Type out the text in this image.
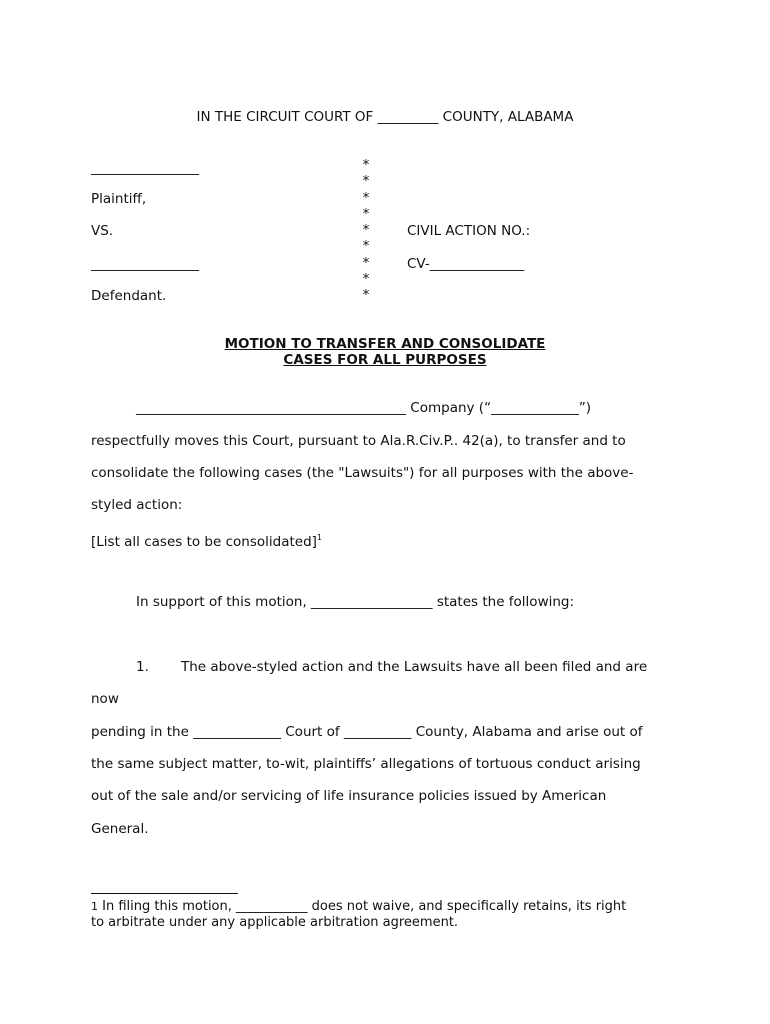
IN THE CIRCUIT COURT OF _________ COUNTY, ALABAMA
________________
Plaintiff,
VS.
________________
Defendant.
*
*
*
*
*
*
*
*
*
CIVIL ACTION NO.:
CV-______________
MOTION TO TRANSFER AND CONSOLIDATE
CASES FOR ALL PURPOSES
________________________________________ Company (“_____________”)
respectfully moves this Court, pursuant to Ala.R.Civ.P.. 42(a), to transfer and to
consolidate the following cases (the "Lawsuits") for all purposes with the above-
styled action:
[List all cases to be consolidated]$^1$
In support of this motion, __________________ states the following:
1. The above-styled action and the Lawsuits have all been filed and are
now
pending in the _____________ Court of __________ County, Alabama and arise out of
the same subject matter, to-wit, plaintiffs’ allegations of tortuous conduct arising
out of the sale and/or servicing of life insurance policies issued by American
General.
1 In filing this motion, ___________ does not waive, and specifically retains, its right
to arbitrate under any applicable arbitration agreement.
